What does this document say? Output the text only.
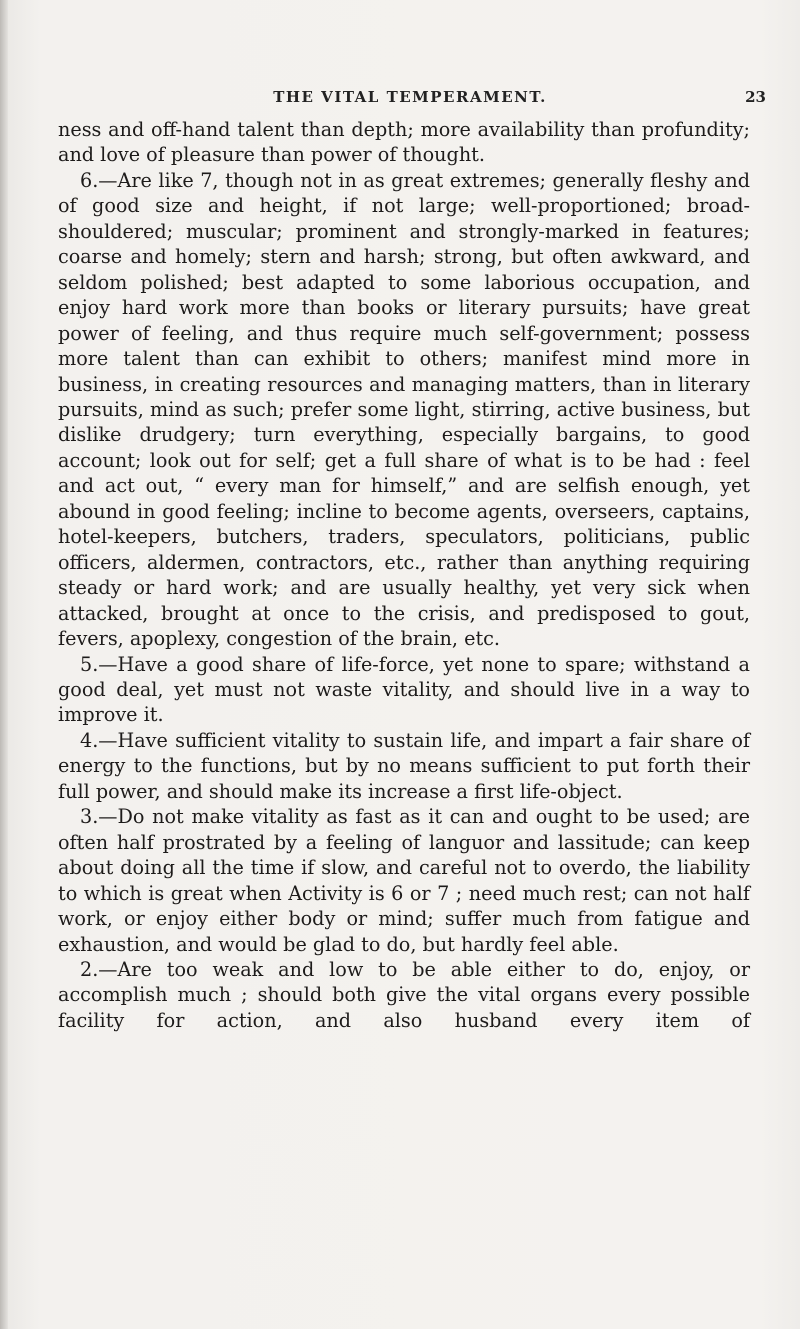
THE VITAL TEMPERAMENT.	23

ness and off-hand talent than depth; more availability than profundity; and love of pleasure than power of thought.

6.—Are like 7, though not in as great extremes; generally fleshy and of good size and height, if not large; well-proportioned; broad-shouldered; muscular; prominent and strongly-marked in features; coarse and homely; stern and harsh; strong, but often awkward, and seldom polished; best adapted to some laborious occupation, and enjoy hard work more than books or literary pursuits; have great power of feeling, and thus require much self-government; possess more talent than can exhibit to others; manifest mind more in business, in creating resources and managing matters, than in literary pursuits, mind as such; prefer some light, stirring, active business, but dislike drudgery; turn everything, especially bargains, to good account; look out for self; get a full share of what is to be had : feel and act out, “ every man for himself,” and are selfish enough, yet abound in good feeling; incline to become agents, overseers, captains, hotel-keepers, butchers, traders, speculators, politicians, public officers, aldermen, contractors, etc., rather than anything requiring steady or hard work; and are usually healthy, yet very sick when attacked, brought at once to the crisis, and predisposed to gout, fevers, apoplexy, congestion of the brain, etc.

5.—Have a good share of life-force, yet none to spare; withstand a good deal, yet must not waste vitality, and should live in a way to improve it.

4.—Have sufficient vitality to sustain life, and impart a fair share of energy to the functions, but by no means sufficient to put forth their full power, and should make its increase a first life-object.

3.—Do not make vitality as fast as it can and ought to be used; are often half prostrated by a feeling of languor and lassitude; can keep about doing all the time if slow, and careful not to overdo, the liability to which is great when Activity is 6 or 7 ; need much rest; can not half work, or enjoy either body or mind; suffer much from fatigue and exhaustion, and would be glad to do, but hardly feel able.

2.—Are too weak and low to be able either to do, enjoy, or accomplish much ; should both give the vital organs every possible facility for action, and also husband every item of
